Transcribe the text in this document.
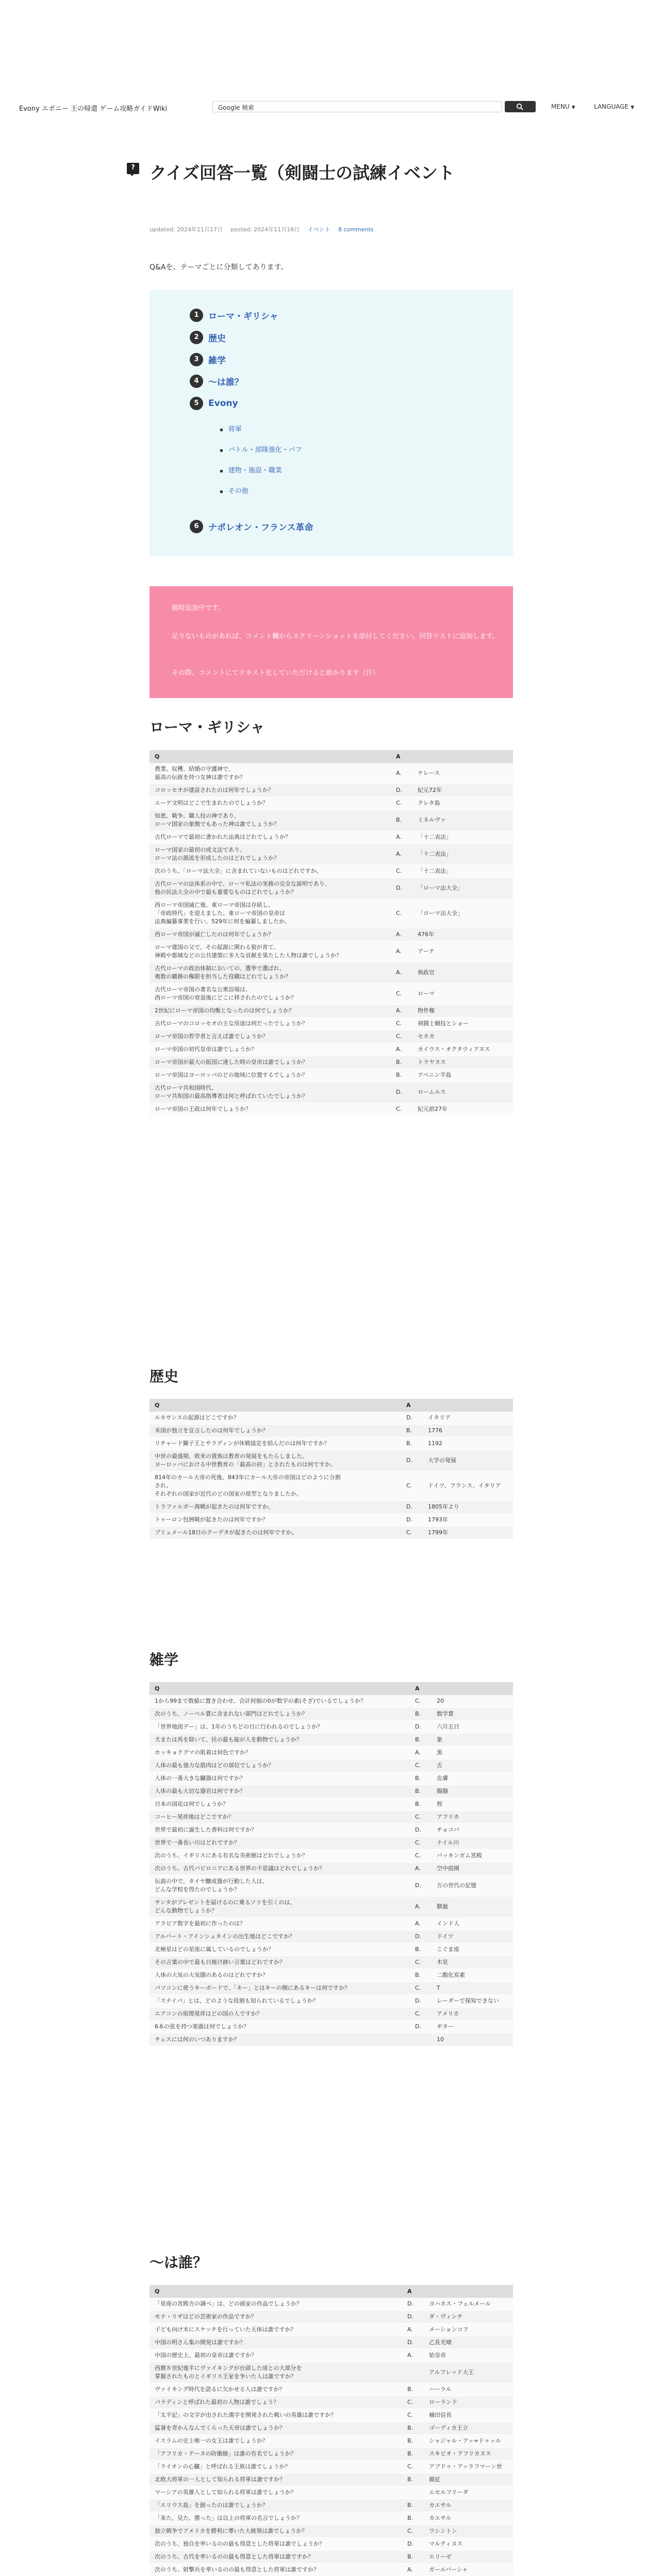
Evony エボニー 王の帰還 ゲーム攻略ガイドWiki	Google 検索	MENU ▼	LANGUAGE ▼
? クイズ回答一覧（剣闘士の試練イベント
updated: 2024年11月17日 posted: 2024年11月16日 イベント 8 comments

Q&Aを、テーマごとに分類してあります。

1 ローマ・ギリシャ
2 歴史
3 雑学
4 〜は誰？
5 Evony
▪ 将軍
▪ バトル・部隊強化・バフ
▪ 建物・施設・職業
▪ その他
6 ナポレオン・フランス革命

随時追加中です。

足りないものがあれば、コメント欄からスクリーンショットを添付してください。回答リストに追加します。

その際、コメントにてテキスト化していただけると助かります（汗）

ローマ・ギリシャ
Q	A	
農業、収穫、結婚の守護神で、
最高の伝統を持つ女神は誰ですか？	A.	ケレース
コロッセオが建設されたのは何年でしょうか？	D.	紀元72年
エーゲ文明はどこで生まれたのでしょうか？	C.	クレタ島
知恵、戦争、職人技の神であり、
ローマ国家の象徴でもあった神は誰でしょうか？	B.	ミネルヴァ
古代ローマで最初に書かれた法典はどれでしょうか？	A.	「十二表法」
ローマ国家の最初の成文法であり、
ローマ法の源流を形成したのはどれでしょうか？	A.	「十二表法」
次のうち、「ローマ法大全」に含まれていないものはどれですか。	C.	「十二表法」
古代ローマの法体系の中で、ローマ私法の実務の完全な説明であり、
他の民法大全の中で最も重要なものはどれでしょうか？	D.	「ローマ法大全」
西ローマ帝国滅亡後、東ローマ帝国は存続し、
「帝政時代」を迎えました。東ローマ帝国の皇帝は
法典編纂事業を行い、529年に何を編纂しましたか。	C.	「ローマ法大全」
西ローマ帝国が滅亡したのは何年でしょうか？	A.	476年
ローマ建国の父で、その起源に関わる狼が育て、
神殿や都城などの公共建築に多大な貢献を果たした人物は誰でしょうか？	A.	アーテ
古代ローマの政治体制においての、選挙で選ばれ、
複数の職務の権限を担当した役職はどれでしょうか？	A.	執政官
古代ローマ帝国の著名な公衆浴場は、
西ローマ帝国の衰退後にどこに移されたのでしょうか？	C.	ローマ
2世紀にローマ帝国の均衡となったのは何でしょうか？	A.	物件権
古代ローマのコロッセオの主な用途は何だったでしょうか？	C.	剣闘士競技とショー
ローマ帝国の哲学者と言えば誰でしょうか？	C.	セネカ
ローマ帝国の初代皇帝は誰でしょうか？	A.	カイウス・オクタウィアヌス
ローマ帝国が最大の版図に達した時の皇帝は誰でしょうか？	B.	トラヤヌス
ローマ帝国はヨーロッパのどの地域に位置するでしょうか？	B.	アペニン半島
古代ローマ共和国時代、
ローマ共和国の最高指導者は何と呼ばれていたでしょうか？	D.	ロームルス
ローマ帝国の王政は何年でしょうか？	C.	紀元前27年
歴史
Q	A	
ルネサンスの起源はどこですか？	D.	イタリア
米国が独立を宣言したのは何年でしょうか？	B.	1776
リチャード獅子王とサラディンが休戦協定を結んだのは何年ですか？	B.	1192
中世の最盛期、欧米の貴族は教育の発展をもたらしました。
ヨーロッパにおける中世教育の「最高の府」とされたものは何ですか。	D.	大学の発展
814年のカール大帝の死後、843年にカール大帝の帝国はどのように分割
され、
それぞれの国家が近代のどの国家の原型となりましたか。	C.	ドイツ、フランス、イタリア
トラファルガー海戦が起きたのは何年ですか。	D.	1805年より
トゥーロン包囲戦が起きたのは何年ですか？	D.	1793年
ブリュメール18日のクーデタが起きたのは何年ですか。	C.	1799年
雑学
Q	A	
1から99まで数値に置き合わせ、合計何個の0が数字の素(そざ)でいるでしょうか？	C.	20
次のうち、ノーベル賞に含まれない部門はどれでしょうか？	B.	数学賞
「世界地図デー」は、1年のうちどの日に行われるのでしょうか？	D.	六月五日
犬または馬を除いて、民の最も能が人を動物でしょうか？	B.	象
ホッキョクグマの肌着は何色ですか？	A.	黒
人体の最も強力な筋肉はどの部位でしょうか？	C.	舌
人体の一番大きな臓器は何ですか？	B.	皮膚
人体の最も大切な器官は何ですか？	B.	腸腺
日本の国花は何でしょうか？	B.	桜
コーヒー発祥地はどこですか？	C.	アフリカ
世界で最初に誕生した香料は何ですか？	D.	チョコバ
世界で一番長い川はどれですか？	C.	ナイル川
次のうち、イギリスにある有名な美術館はどれでしょうか？	C.	バッキンガム宮殿
次のうち、古代バビロニアにある世界の不思議はどれでしょうか？	A.	空中庭園
伝説の中で、タイヤ醸成器が行動した人は、
どんな学校を得たのでしょうか？	D.	万の世代の記憶
サンタがプレゼントを届けるのに乗るソリを引くのは、
どんな動物でしょうか？	A.	馴鹿
アラビア数字を最初に作ったのは？	A.	インド人
アルバート・アインシュタインの出生地はどこですか？	D.	ドイツ
北極星はどの星座に属しているのでしょうか？	B.	こぐま座
その言葉の中で最も日焼け跡い言葉はどれですか？	C.	木星
人体の大気の大気圏のあるのはどれですか？	B.	二酸化炭素
パソコンに使うキーボードで、「キー」とはキーの側にあるキーは何ですか？	C.	T
「スナイパ」とは、どのような役割も知られているでしょうか？	D.	レーダーで探知できない
エアコンの原理発祥はどの国の人ですか？	C.	アメリカ
6本の弦を持つ楽器は何でしょうか？	D.	ギター
チェスには何のいつありますか？		10
〜は誰？
Q	A	
「星座の宮殿方の調べ」は、どの画家の作品でしょうか？	D.	ヨハネス・フェルメール
モナ・リザはどの芸術家の作品ですか？	D.	ダ・ヴィンチ
子ども向け木にスケッチを行っていた天体は誰ですか？	A.	メーションコフ
中国の明さん集の開発は誰ですか？	D.	乙長光晴
中国の歴史上、最初の皇帝は誰ですか？	A.	始皇帝
西暦８世紀後半にヴァイキングが台頭した頃との大部分を
掌握されたものとイギリス王家を争いた人は誰ですか？		アルフレッド大王
ヴァイキング時代を語るに欠かせる人は誰ですか？	B.	ハーラル
パラディンと呼ばれた最初の人物は誰でしょう？	C.	ローランド
「太平記」の文字が出された漢字を開発された戦いの英雄は誰ですか？	C.	楠田信長
猛暑を青かんなんでくらった天帝は誰でしょうか？	B.	ゴーディカ王立
イスラムの史上唯一の女王は誰でしょうか？	B.	シャジャル・アッ=ドゥッル
「アフリカ・テーヌの防衛線」は誰の有名でしょうか？	B.	スキピオ・アフリカヌス
「ライオンの心臓」と呼ばれる王族は誰でしょうか？	C.	アブドゥ・アッラフマーン世
北欧大将軍の一人として知られる将軍は誰ですか？	B.	親征
マーシアの英雄人として知られる将軍は誰でしょうか？		エセルフリーダ
「エリウス島」を創ったのは誰でしょうか？	B.	カエサル
「来た、見た、勝った」は以上の将軍の名言でしょうか？	B.	カエサル
独立戦争でアメリカを勝利に導いた大統領は誰でしょうか？	C.	ワシントン
次のうち、独自を率いるのの最も得意とした将軍は誰でしょうか？	D.	マルティヌス
次のうち、古代を率いるのの最も得意とした将軍は誰ですか？	B.	エリーゼ
次のうち、射撃兵を率いるのの最も得意とした将軍は誰ですか？	A.	ガールバーシャ
